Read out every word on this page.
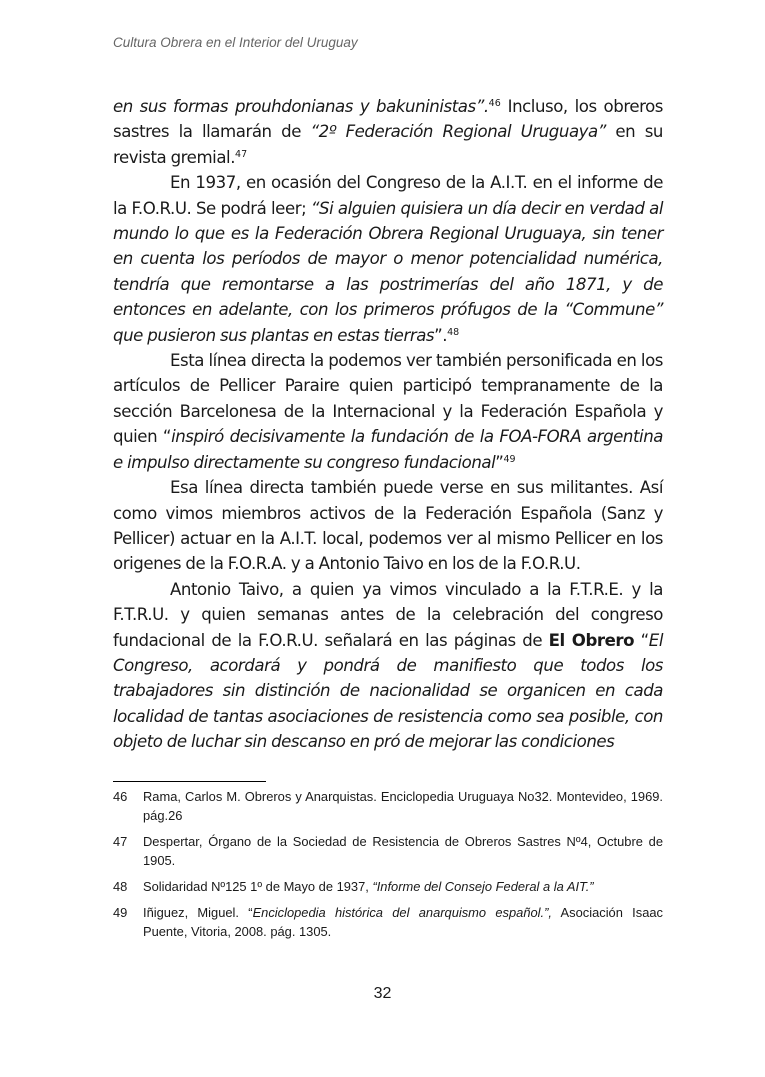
Cultura Obrera en el Interior del Uruguay

en sus formas prouhdonianas y bakuninistas”.$^{46}$ Incluso, los obreros sastres la llamarán de “2º Federación Regional Uruguaya” en su revista gremial.$^{47}$

En 1937, en ocasión del Congreso de la A.I.T. en el informe de la F.O.R.U. Se podrá leer; “Si alguien quisiera un día decir en verdad al mundo lo que es la Federación Obrera Regional Uruguaya, sin tener en cuenta los períodos de mayor o menor potencialidad numérica, tendría que remontarse a las postrimerías del año 1871, y de entonces en adelante, con los primeros prófugos de la “Commune” que pusieron sus plantas en estas tierras”.$^{48}$

Esta línea directa la podemos ver también personificada en los artículos de Pellicer Paraire quien participó tempranamente de la sección Barcelonesa de la Internacional y la Federación Española y quien “inspiró decisivamente la fundación de la FOA-FORA argentina e impulso directamente su congreso fundacional”$^{49}$

Esa línea directa también puede verse en sus militantes. Así como vimos miembros activos de la Federación Española (Sanz y Pellicer) actuar en la A.I.T. local, podemos ver al mismo Pellicer en los origenes de la F.O.R.A. y a Antonio Taivo en los de la F.O.R.U.

Antonio Taivo, a quien ya vimos vinculado a la F.T.R.E. y la F.T.R.U. y quien semanas antes de la celebración del congreso fundacional de la F.O.R.U. señalará en las páginas de El Obrero “El Congreso, acordará y pondrá de manifiesto que todos los trabajadores sin distinción de nacionalidad se organicen en cada localidad de tantas asociaciones de resistencia como sea posible, con objeto de luchar sin descanso en pró de mejorar las condiciones

46 Rama, Carlos M. Obreros y Anarquistas. Enciclopedia Uruguaya No32. Montevideo, 1969. pág.26
47 Despertar, Órgano de la Sociedad de Resistencia de Obreros Sastres Nº4, Octubre de 1905.
48 Solidaridad Nº125 1º de Mayo de 1937, “Informe del Consejo Federal a la AIT.”
49 Iñiguez, Miguel. “Enciclopedia histórica del anarquismo español.”, Asociación Isaac Puente, Vitoria, 2008. pág. 1305.
32
